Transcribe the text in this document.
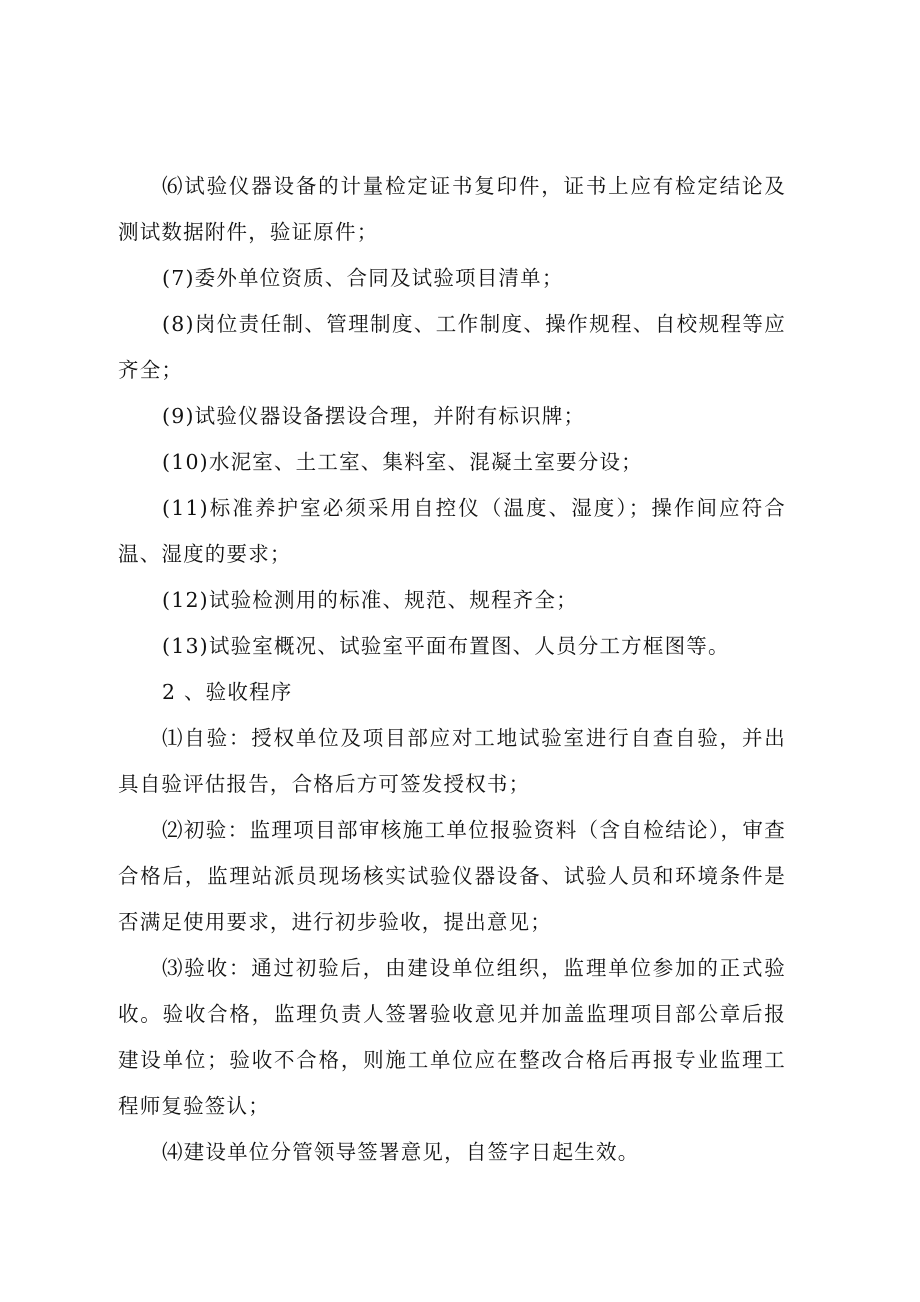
⑹试验仪器设备的计量检定证书复印件，证书上应有检定结论及测试数据附件，验证原件；

(7)委外单位资质、合同及试验项目清单；

(8)岗位责任制、管理制度、工作制度、操作规程、自校规程等应齐全；

(9)试验仪器设备摆设合理，并附有标识牌；

(10)水泥室、土工室、集料室、混凝土室要分设；

(11)标准养护室必须采用自控仪（温度、湿度）；操作间应符合温、湿度的要求；

(12)试验检测用的标准、规范、规程齐全；

(13)试验室概况、试验室平面布置图、人员分工方框图等。

2 、验收程序

⑴自验：授权单位及项目部应对工地试验室进行自查自验，并出具自验评估报告，合格后方可签发授权书；

⑵初验：监理项目部审核施工单位报验资料（含自检结论），审查合格后，监理站派员现场核实试验仪器设备、试验人员和环境条件是否满足使用要求，进行初步验收，提出意见；

⑶验收：通过初验后，由建设单位组织，监理单位参加的正式验收。验收合格，监理负责人签署验收意见并加盖监理项目部公章后报建设单位；验收不合格，则施工单位应在整改合格后再报专业监理工程师复验签认；

⑷建设单位分管领导签署意见，自签字日起生效。
